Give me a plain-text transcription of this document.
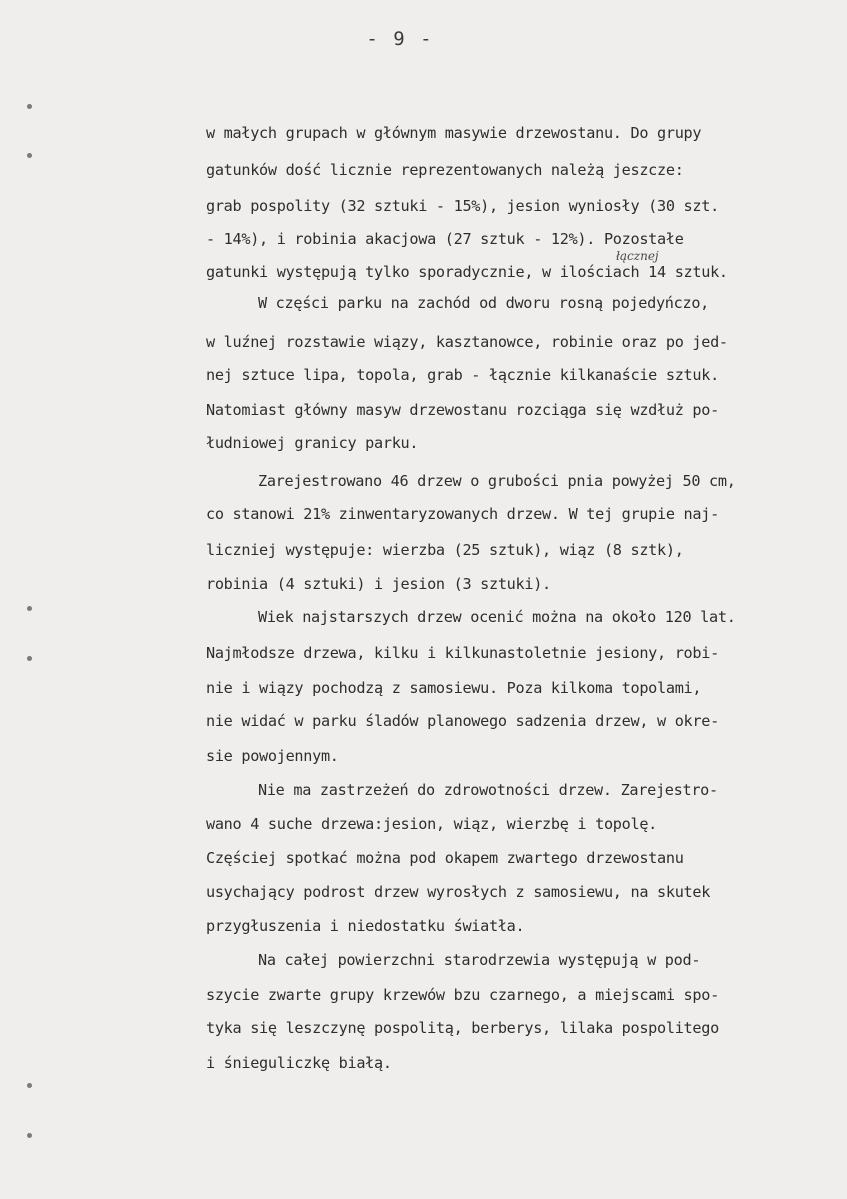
- 9 -
łącznej
w małych grupach w głównym masywie drzewostanu. Do grupy
gatunków dość licznie reprezentowanych należą jeszcze:
grab pospolity (32 sztuki - 15%), jesion wyniosły (30 szt.
- 14%), i robinia akacjowa (27 sztuk - 12%). Pozostałe
gatunki występują tylko sporadycznie, w ilościach 14 sztuk.
W części parku na zachód od dworu rosną pojedyńczo,
w luźnej rozstawie wiązy, kasztanowce, robinie oraz po jed-
nej sztuce lipa, topola, grab - łącznie kilkanaście sztuk.
Natomiast główny masyw drzewostanu rozciąga się wzdłuż po-
łudniowej granicy parku.
Zarejestrowano 46 drzew o grubości pnia powyżej 50 cm,
co stanowi 21% zinwentaryzowanych drzew. W tej grupie naj-
liczniej występuje: wierzba (25 sztuk), wiąz (8 sztk),
robinia (4 sztuki) i jesion (3 sztuki).
Wiek najstarszych drzew ocenić można na około 120 lat.
Najmłodsze drzewa, kilku i kilkunastoletnie jesiony, robi-
nie i wiązy pochodzą z samosiewu. Poza kilkoma topolami,
nie widać w parku śladów planowego sadzenia drzew, w okre-
sie powojennym.
Nie ma zastrzeżeń do zdrowotności drzew. Zarejestro-
wano 4 suche drzewa:jesion, wiąz, wierzbę i topolę.
Częściej spotkać można pod okapem zwartego drzewostanu
usychający podrost drzew wyrosłych z samosiewu, na skutek
przygłuszenia i niedostatku światła.
Na całej powierzchni starodrzewia występują w pod-
szycie zwarte grupy krzewów bzu czarnego, a miejscami spo-
tyka się leszczynę pospolitą, berberys, lilaka pospolitego
i śnieguliczkę białą.
